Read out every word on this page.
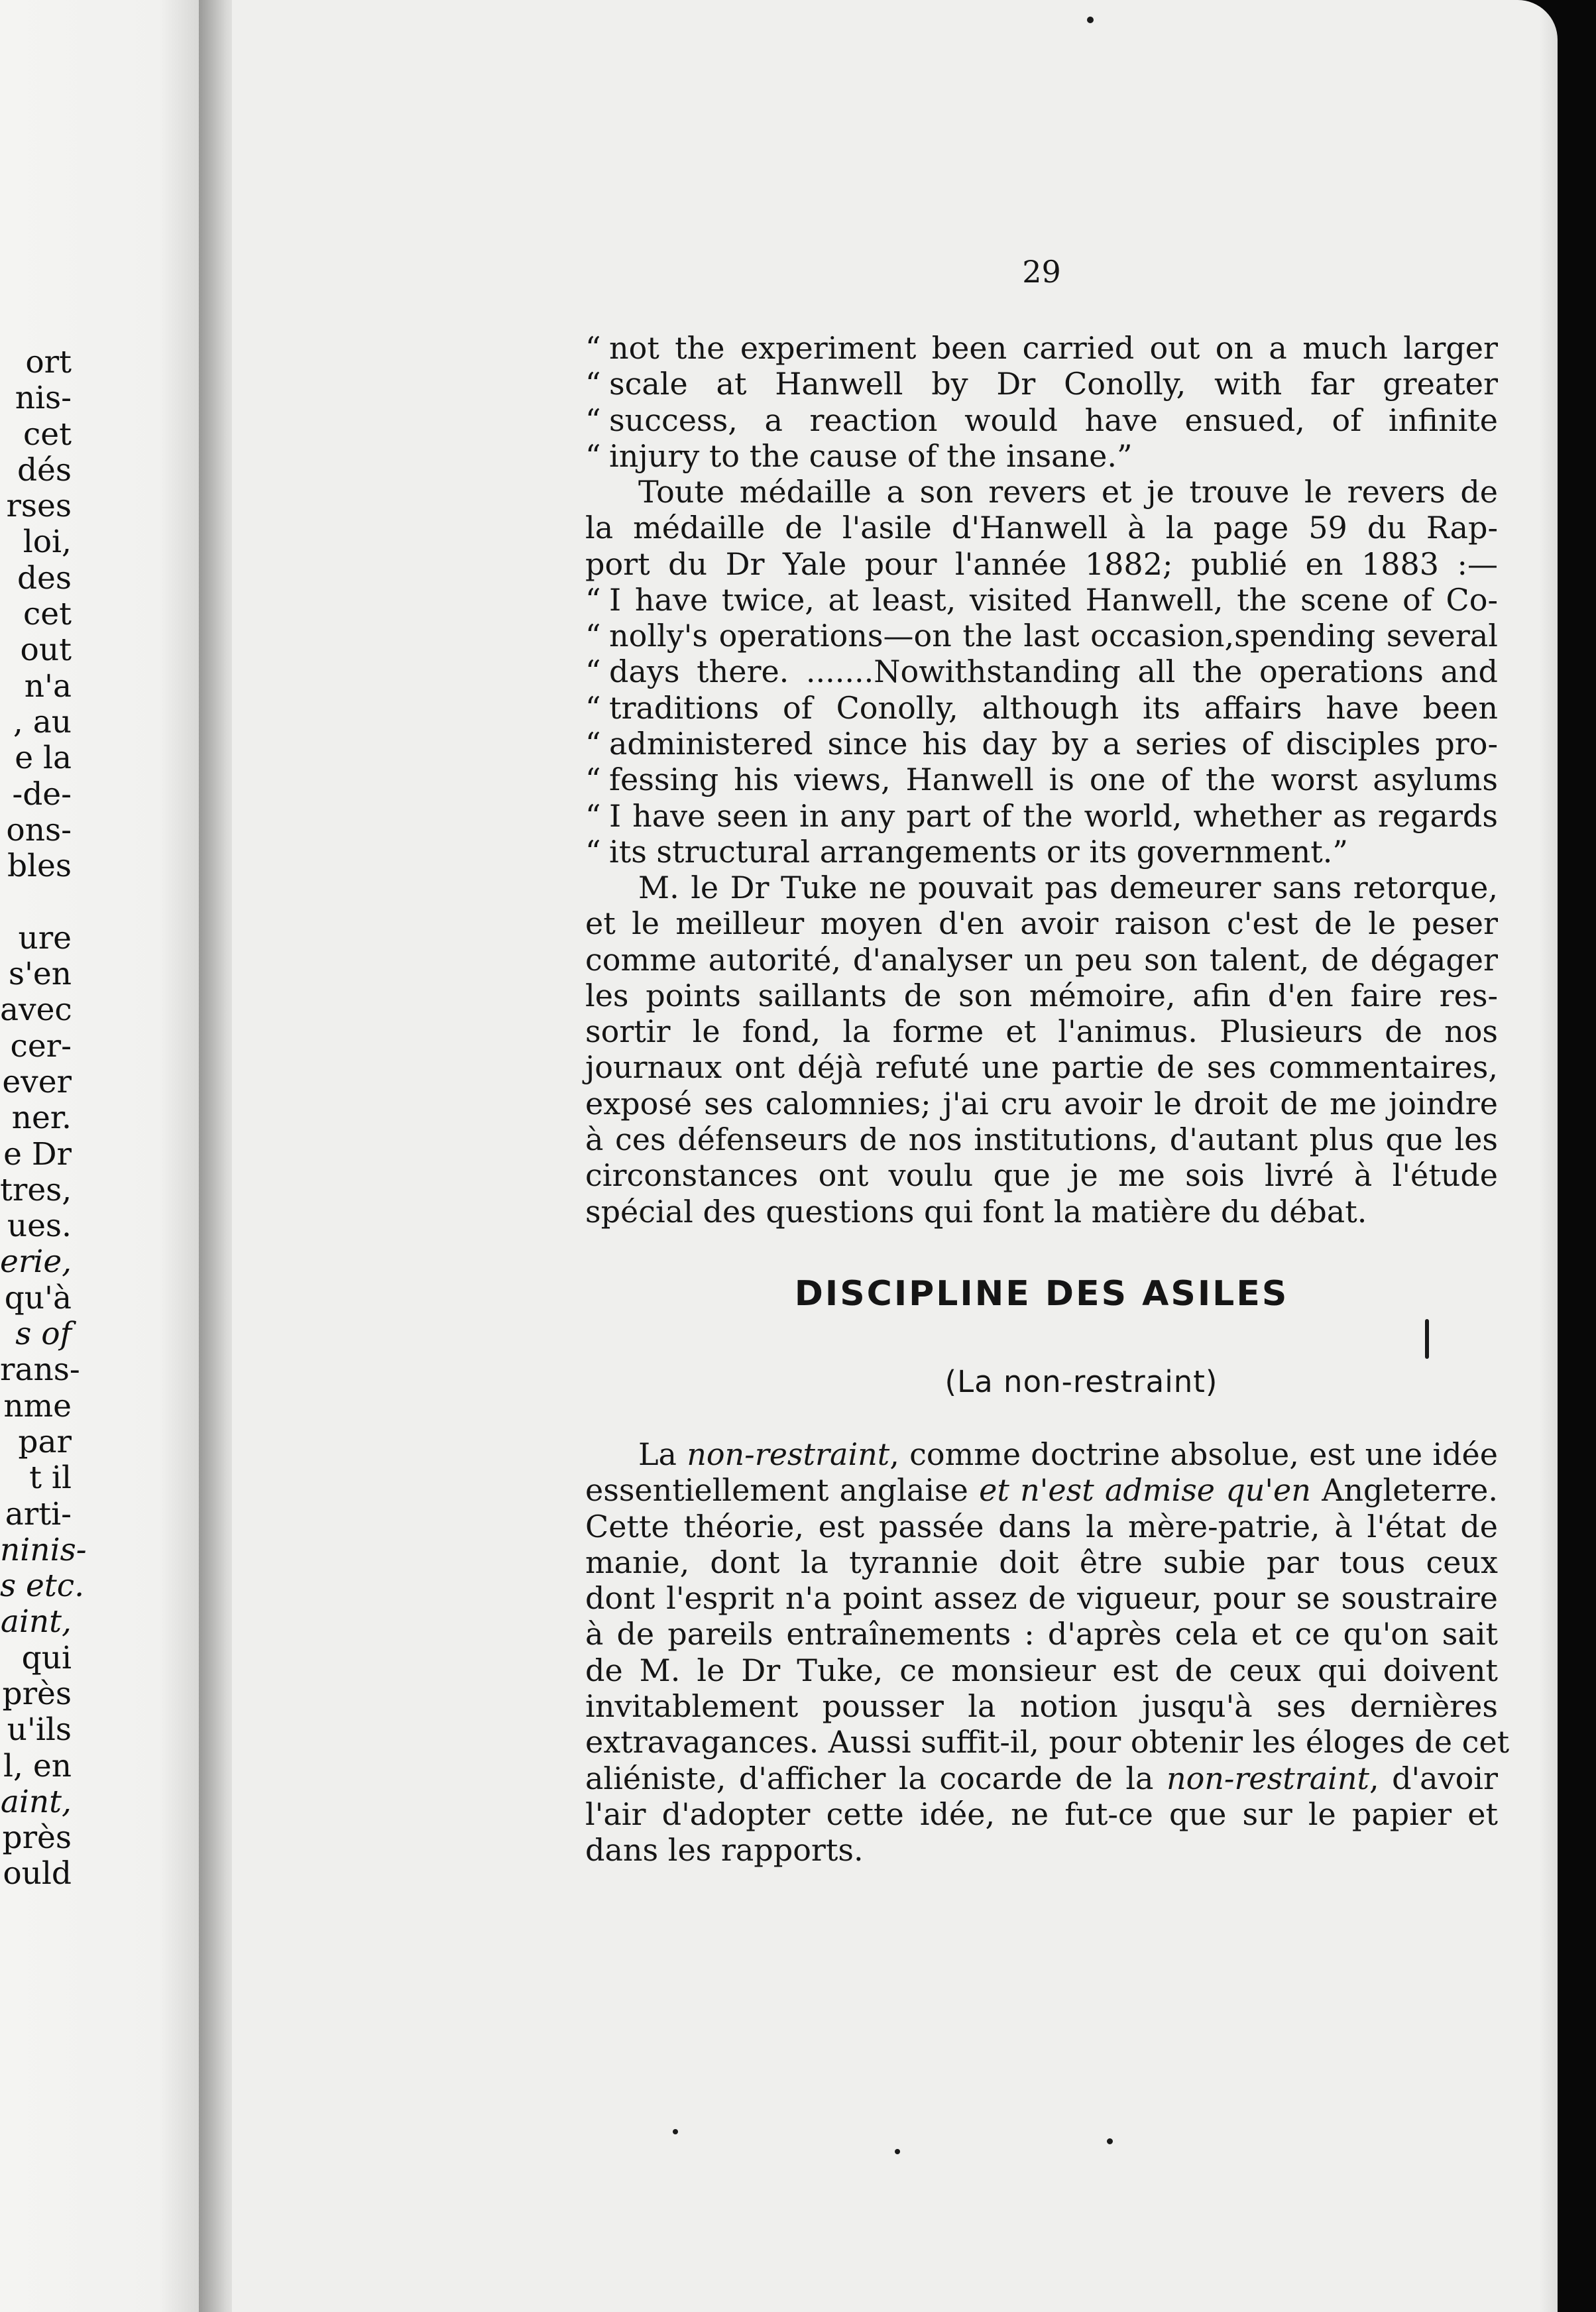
ort
nis-
cet
dés
rses
loi,
des
cet
out
n'a
, au
e la
-de-
ons-
bles

ure
s'en
avec
cer-
ever
ner.
e Dr
tres,
ues.
erie,
qu'à
s of
rans-
nme
par
t il
arti-
ninis-
s etc.
aint,
qui
près
u'ils
l, en
aint,
près
ould
29

“ not the experiment been carried out on a much larger
“ scale at Hanwell by Dr Conolly, with far greater
“ success, a reaction would have ensued, of infinite
“ injury to the cause of the insane.”

Toute médaille a son revers et je trouve le revers de
la médaille de l'asile d'Hanwell à la page 59 du Rap-
port du Dr Yale pour l'année 1882; publié en 1883 :—
“ I have twice, at least, visited Hanwell, the scene of Co-
“ nolly's operations—on the last occasion,spending several
“ days there. .......Nowithstanding all the operations and
“ traditions of Conolly, although its affairs have been
“ administered since his day by a series of disciples pro-
“ fessing his views, Hanwell is one of the worst asylums
“ I have seen in any part of the world, whether as regards
“ its structural arrangements or its government.”

M. le Dr Tuke ne pouvait pas demeurer sans retorque,
et le meilleur moyen d'en avoir raison c'est de le peser
comme autorité, d'analyser un peu son talent, de dégager
les points saillants de son mémoire, afin d'en faire res-
sortir le fond, la forme et l'animus. Plusieurs de nos
journaux ont déjà refuté une partie de ses commentaires,
exposé ses calomnies; j'ai cru avoir le droit de me joindre
à ces défenseurs de nos institutions, d'autant plus que les
circonstances ont voulu que je me sois livré à l'étude
spécial des questions qui font la matière du débat.

DISCIPLINE DES ASILES
(La non-restraint)

La non-restraint, comme doctrine absolue, est une idée
essentiellement anglaise et n'est admise qu'en Angleterre.
Cette théorie, est passée dans la mère-patrie, à l'état de
manie, dont la tyrannie doit être subie par tous ceux
dont l'esprit n'a point assez de vigueur, pour se soustraire
à de pareils entraînements : d'après cela et ce qu'on sait
de M. le Dr Tuke, ce monsieur est de ceux qui doivent
invitablement pousser la notion jusqu'à ses dernières
extravagances. Aussi suffit-il, pour obtenir les éloges de cet
aliéniste, d'afficher la cocarde de la non-restraint, d'avoir
l'air d'adopter cette idée, ne fut-ce que sur le papier et
dans les rapports.
